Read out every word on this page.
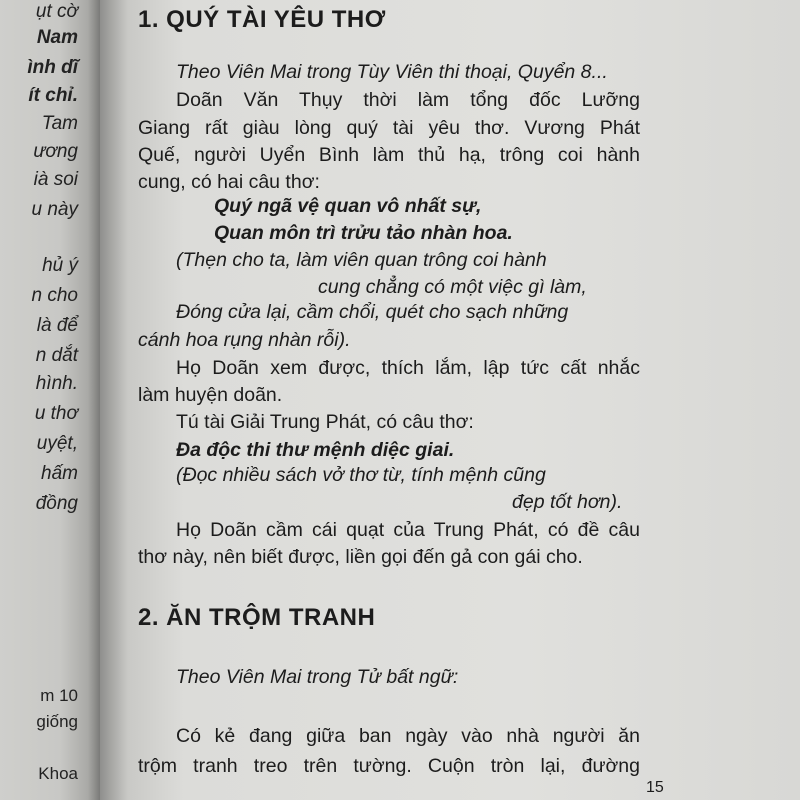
ụt cờ
Nam
ình dĩ
ít chỉ.
Tam
ương
ià soi
u này
hủ ý
n cho
là để
n dắt
hình.
u thơ
uyệt,
hấm
đồng
m 10
giống
Khoa
1. QUÝ TÀI YÊU THƠ
Theo Viên Mai trong Tùy Viên thi thoại, Quyển 8...
Doãn Văn Thụy thời làm tổng đốc Lưỡng
Giang rất giàu lòng quý tài yêu thơ. Vương Phát
Quế, người Uyển Bình làm thủ hạ, trông coi hành
cung, có hai câu thơ:
Quý ngã vệ quan vô nhất sự,
Quan môn trì trửu tảo nhàn hoa.
(Thẹn cho ta, làm viên quan trông coi hành
cung chẳng có một việc gì làm,
Đóng cửa lại, cầm chổi, quét cho sạch những
cánh hoa rụng nhàn rỗi).
Họ Doãn xem được, thích lắm, lập tức cất nhắc
làm huyện doãn.
Tú tài Giải Trung Phát, có câu thơ:
Đa độc thi thư mệnh diệc giai.
(Đọc nhiều sách vở thơ từ, tính mệnh cũng
đẹp tốt hơn).
Họ Doãn cầm cái quạt của Trung Phát, có đề câu
thơ này, nên biết được, liền gọi đến gả con gái cho.
2. ĂN TRỘM TRANH
Theo Viên Mai trong Tử bất ngữ:
Có kẻ đang giữa ban ngày vào nhà người ăn
trộm tranh treo trên tường. Cuộn tròn lại, đường
15
